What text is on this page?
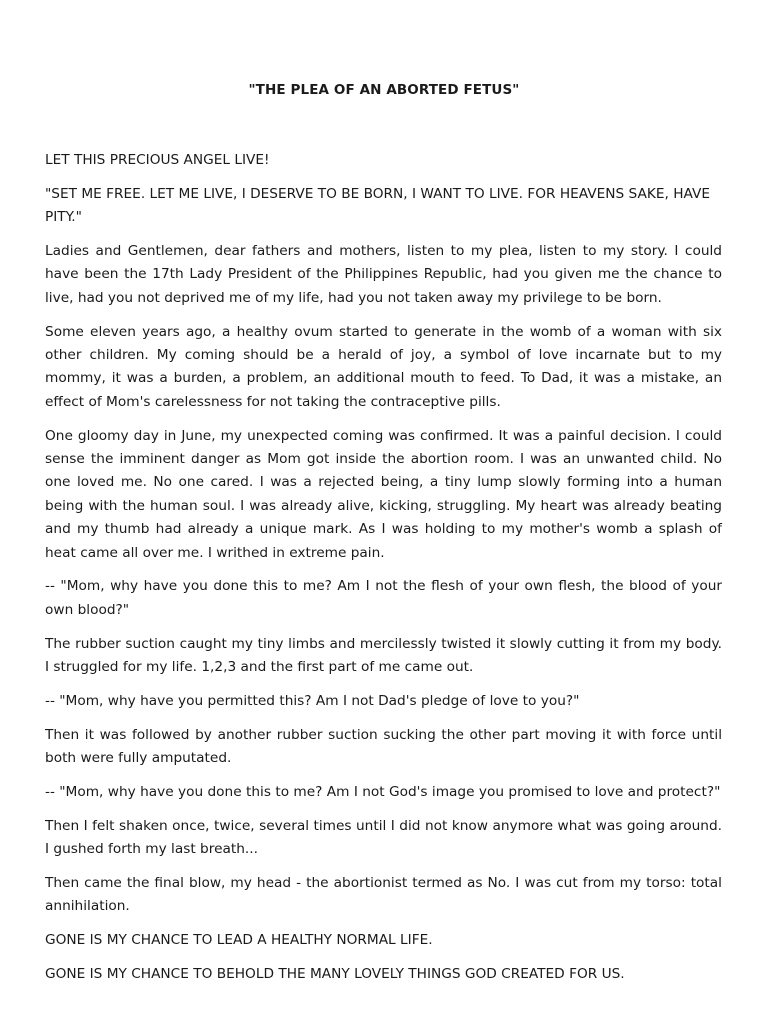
"THE PLEA OF AN ABORTED FETUS"

LET THIS PRECIOUS ANGEL LIVE!

"SET ME FREE. LET ME LIVE, I DESERVE TO BE BORN, I WANT TO LIVE. FOR HEAVENS SAKE, HAVE PITY."

Ladies and Gentlemen, dear fathers and mothers, listen to my plea, listen to my story. I could have been the 17th Lady President of the Philippines Republic, had you given me the chance to live, had you not deprived me of my life, had you not taken away my privilege to be born.

Some eleven years ago, a healthy ovum started to generate in the womb of a woman with six other children. My coming should be a herald of joy, a symbol of love incarnate but to my mommy, it was a burden, a problem, an additional mouth to feed. To Dad, it was a mistake, an effect of Mom's carelessness for not taking the contraceptive pills.

One gloomy day in June, my unexpected coming was confirmed. It was a painful decision. I could sense the imminent danger as Mom got inside the abortion room. I was an unwanted child. No one loved me. No one cared. I was a rejected being, a tiny lump slowly forming into a human being with the human soul. I was already alive, kicking, struggling. My heart was already beating and my thumb had already a unique mark. As I was holding to my mother's womb a splash of heat came all over me. I writhed in extreme pain.

-- "Mom, why have you done this to me? Am I not the flesh of your own flesh, the blood of your own blood?"

The rubber suction caught my tiny limbs and mercilessly twisted it slowly cutting it from my body. I struggled for my life. 1,2,3 and the first part of me came out.

-- "Mom, why have you permitted this? Am I not Dad's pledge of love to you?"

Then it was followed by another rubber suction sucking the other part moving it with force until both were fully amputated.

-- "Mom, why have you done this to me? Am I not God's image you promised to love and protect?"

Then I felt shaken once, twice, several times until I did not know anymore what was going around. I gushed forth my last breath...

Then came the final blow, my head - the abortionist termed as No. I was cut from my torso: total annihilation.

GONE IS MY CHANCE TO LEAD A HEALTHY NORMAL LIFE.

GONE IS MY CHANCE TO BEHOLD THE MANY LOVELY THINGS GOD CREATED FOR US.
